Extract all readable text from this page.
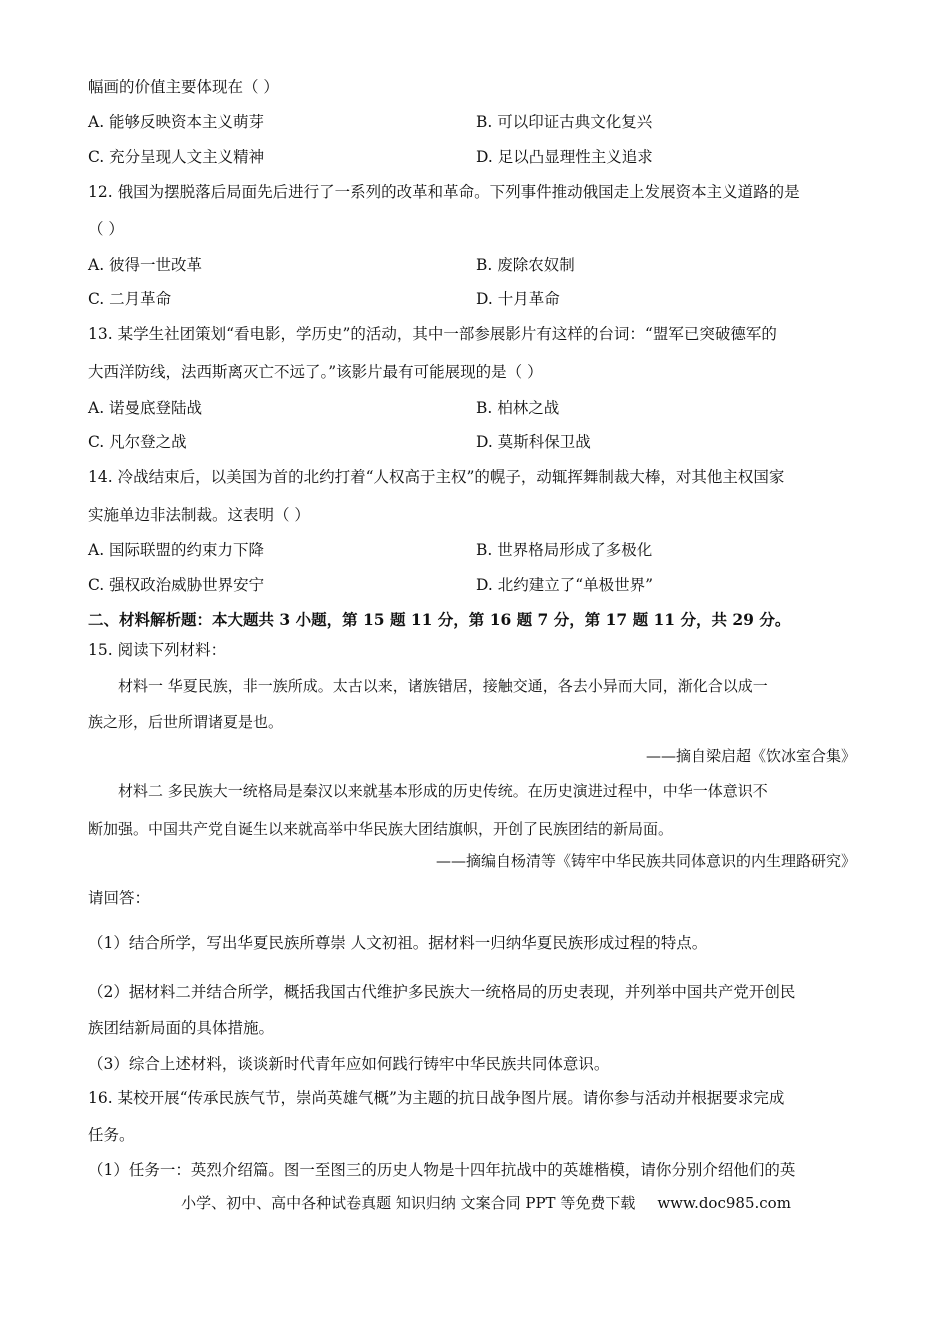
幅画的价值主要体现在（ ）
A. 能够反映资本主义萌芽	B. 可以印证古典文化复兴
C. 充分呈现人文主义精神	D. 足以凸显理性主义追求
12. 俄国为摆脱落后局面先后进行了一系列的改革和革命。下列事件推动俄国走上发展资本主义道路的是
（ ）
A. 彼得一世改革	B. 废除农奴制
C. 二月革命	D. 十月革命
13. 某学生社团策划“看电影，学历史”的活动，其中一部参展影片有这样的台词：“盟军已突破德军的
大西洋防线，法西斯离灭亡不远了。”该影片最有可能展现的是（ ）
A. 诺曼底登陆战	B. 柏林之战
C. 凡尔登之战	D. 莫斯科保卫战
14. 冷战结束后，以美国为首的北约打着“人权高于主权”的幌子，动辄挥舞制裁大棒，对其他主权国家
实施单边非法制裁。这表明（ ）
A. 国际联盟的约束力下降	B. 世界格局形成了多极化
C. 强权政治威胁世界安宁	D. 北约建立了“单极世界”
二、材料解析题：本大题共 3 小题，第 15 题 11 分，第 16 题 7 分，第 17 题 11 分，共 29 分。
15. 阅读下列材料：
材料一 华夏民族，非一族所成。太古以来，诸族错居，接触交通，各去小异而大同，渐化合以成一
族之形，后世所谓诸夏是也。
——摘自梁启超《饮冰室合集》
材料二 多民族大一统格局是秦汉以来就基本形成的历史传统。在历史演进过程中，中华一体意识不
断加强。中国共产党自诞生以来就高举中华民族大团结旗帜，开创了民族团结的新局面。
——摘编自杨清等《铸牢中华民族共同体意识的内生理路研究》
请回答：
（1）结合所学，写出华夏民族所尊崇 人文初祖。据材料一归纳华夏民族形成过程的特点。
（2）据材料二并结合所学，概括我国古代维护多民族大一统格局的历史表现，并列举中国共产党开创民
族团结新局面的具体措施。
（3）综合上述材料，谈谈新时代青年应如何践行铸牢中华民族共同体意识。
16. 某校开展“传承民族气节，崇尚英雄气概”为主题的抗日战争图片展。请你参与活动并根据要求完成
任务。
（1）任务一：英烈介绍篇。图一至图三的历史人物是十四年抗战中的英雄楷模，请你分别介绍他们的英
小学、初中、高中各种试卷真题 知识归纳 文案合同 PPT 等免费下载 www.doc985.com
